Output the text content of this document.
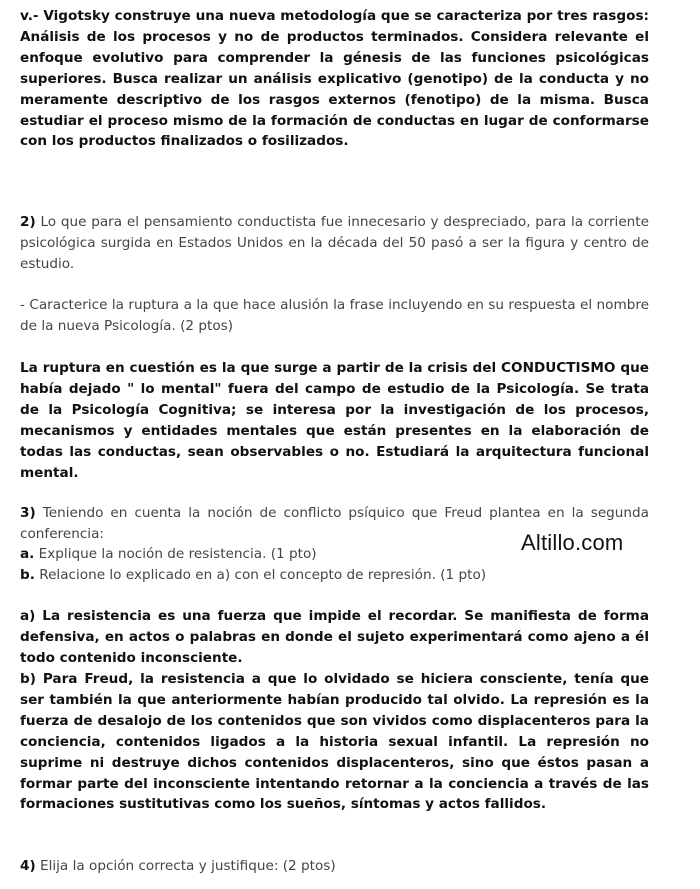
v.- Vigotsky construye una nueva metodología que se caracteriza por tres rasgos: Análisis de los procesos y no de productos terminados. Considera relevante el enfoque evolutivo para comprender la génesis de las funciones psicológicas superiores. Busca realizar un análisis explicativo (genotipo) de la conducta y no meramente descriptivo de los rasgos externos (fenotipo) de la misma. Busca estudiar el proceso mismo de la formación de conductas en lugar de conformarse con los productos finalizados o fosilizados.

2) Lo que para el pensamiento conductista fue innecesario y despreciado, para la corriente psicológica surgida en Estados Unidos en la década del 50 pasó a ser la figura y centro de estudio.

- Caracterice la ruptura a la que hace alusión la frase incluyendo en su respuesta el nombre de la nueva Psicología. (2 ptos)

La ruptura en cuestión es la que surge a partir de la crisis del CONDUCTISMO que había dejado " lo mental" fuera del campo de estudio de la Psicología. Se trata de la Psicología Cognitiva; se interesa por la investigación de los procesos, mecanismos y entidades mentales que están presentes en la elaboración de todas las conductas, sean observables o no. Estudiará la arquitectura funcional mental.

3) Teniendo en cuenta la noción de conflicto psíquico que Freud plantea en la segunda conferencia:

a. Explique la noción de resistencia. (1 pto)

b. Relacione lo explicado en a) con el concepto de represión. (1 pto)

a) La resistencia es una fuerza que impide el recordar. Se manifiesta de forma defensiva, en actos o palabras en donde el sujeto experimentará como ajeno a él todo contenido inconsciente.

b) Para Freud, la resistencia a que lo olvidado se hiciera consciente, tenía que ser también la que anteriormente habían producido tal olvido. La represión es la fuerza de desalojo de los contenidos que son vividos como displacenteros para la conciencia, contenidos ligados a la historia sexual infantil. La represión no suprime ni destruye dichos contenidos displacenteros, sino que éstos pasan a formar parte del inconsciente intentando retornar a la conciencia a través de las formaciones sustitutivas como los sueños, síntomas y actos fallidos.

4) Elija la opción correcta y justifique: (2 ptos)

Altillo.com
